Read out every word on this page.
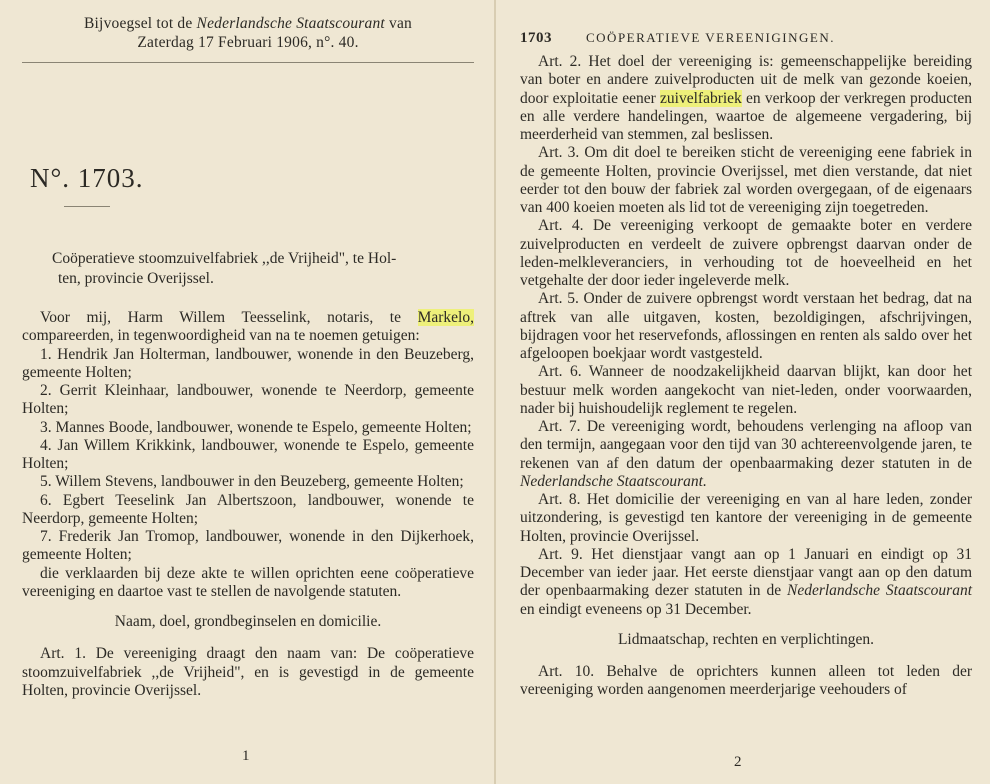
Bijvoegsel tot de Nederlandsche Staatscourant van
Zaterdag 17 Februari 1906, n°. 40.
N°. 1703.
Coöperatieve stoomzuivelfabriek ,,de Vrijheid", te Hol-
ten, provincie Overijssel.

Voor mij, Harm Willem Teesselink, notaris, te Markelo, compareerden, in tegenwoordigheid van na te noemen getuigen:

1. Hendrik Jan Holterman, landbouwer, wonende in den Beuzeberg, gemeente Holten;

2. Gerrit Kleinhaar, landbouwer, wonende te Neerdorp, gemeente Holten;

3. Mannes Boode, landbouwer, wonende te Espelo, gemeente Holten;

4. Jan Willem Krikkink, landbouwer, wonende te Espelo, gemeente Holten;

5. Willem Stevens, landbouwer in den Beuzeberg, gemeente Holten;

6. Egbert Teeselink Jan Albertszoon, landbouwer, wonende te Neerdorp, gemeente Holten;

7. Frederik Jan Tromop, landbouwer, wonende in den Dijkerhoek, gemeente Holten;

die verklaarden bij deze akte te willen oprichten eene coöperatieve vereeniging en daartoe vast te stellen de navolgende statuten.

Naam, doel, grondbeginselen en domicilie.

Art. 1. De vereeniging draagt den naam van: De coöperatieve stoomzuivelfabriek ,,de Vrijheid", en is gevestigd in de gemeente Holten, provincie Overijssel.

1
1703	COÖPERATIEVE VEREENIGINGEN.

Art. 2. Het doel der vereeniging is: gemeenschappelijke bereiding van boter en andere zuivelproducten uit de melk van gezonde koeien, door exploitatie eener zuivelfabriek en verkoop der verkregen producten en alle verdere handelingen, waartoe de algemeene vergadering, bij meerderheid van stemmen, zal beslissen.

Art. 3. Om dit doel te bereiken sticht de vereeniging eene fabriek in de gemeente Holten, provincie Overijssel, met dien verstande, dat niet eerder tot den bouw der fabriek zal worden overgegaan, of de eigenaars van 400 koeien moeten als lid tot de vereeniging zijn toegetreden.

Art. 4. De vereeniging verkoopt de gemaakte boter en verdere zuivelproducten en verdeelt de zuivere opbrengst daarvan onder de leden-melkleveranciers, in verhouding tot de hoeveelheid en het vetgehalte der door ieder ingeleverde melk.

Art. 5. Onder de zuivere opbrengst wordt verstaan het bedrag, dat na aftrek van alle uitgaven, kosten, bezoldigingen, afschrijvingen, bijdragen voor het reservefonds, aflossingen en renten als saldo over het afgeloopen boekjaar wordt vastgesteld.

Art. 6. Wanneer de noodzakelijkheid daarvan blijkt, kan door het bestuur melk worden aangekocht van niet-leden, onder voorwaarden, nader bij huishoudelijk reglement te regelen.

Art. 7. De vereeniging wordt, behoudens verlenging na afloop van den termijn, aangegaan voor den tijd van 30 achtereenvolgende jaren, te rekenen van af den datum der openbaarmaking dezer statuten in de Nederlandsche Staatscourant.

Art. 8. Het domicilie der vereeniging en van al hare leden, zonder uitzondering, is gevestigd ten kantore der vereeniging in de gemeente Holten, provincie Overijssel.

Art. 9. Het dienstjaar vangt aan op 1 Januari en eindigt op 31 December van ieder jaar. Het eerste dienstjaar vangt aan op den datum der openbaarmaking dezer statuten in de Nederlandsche Staatscourant en eindigt eveneens op 31 December.

Lidmaatschap, rechten en verplichtingen.

Art. 10. Behalve de oprichters kunnen alleen tot leden der vereeniging worden aangenomen meerderjarige veehouders of

2
